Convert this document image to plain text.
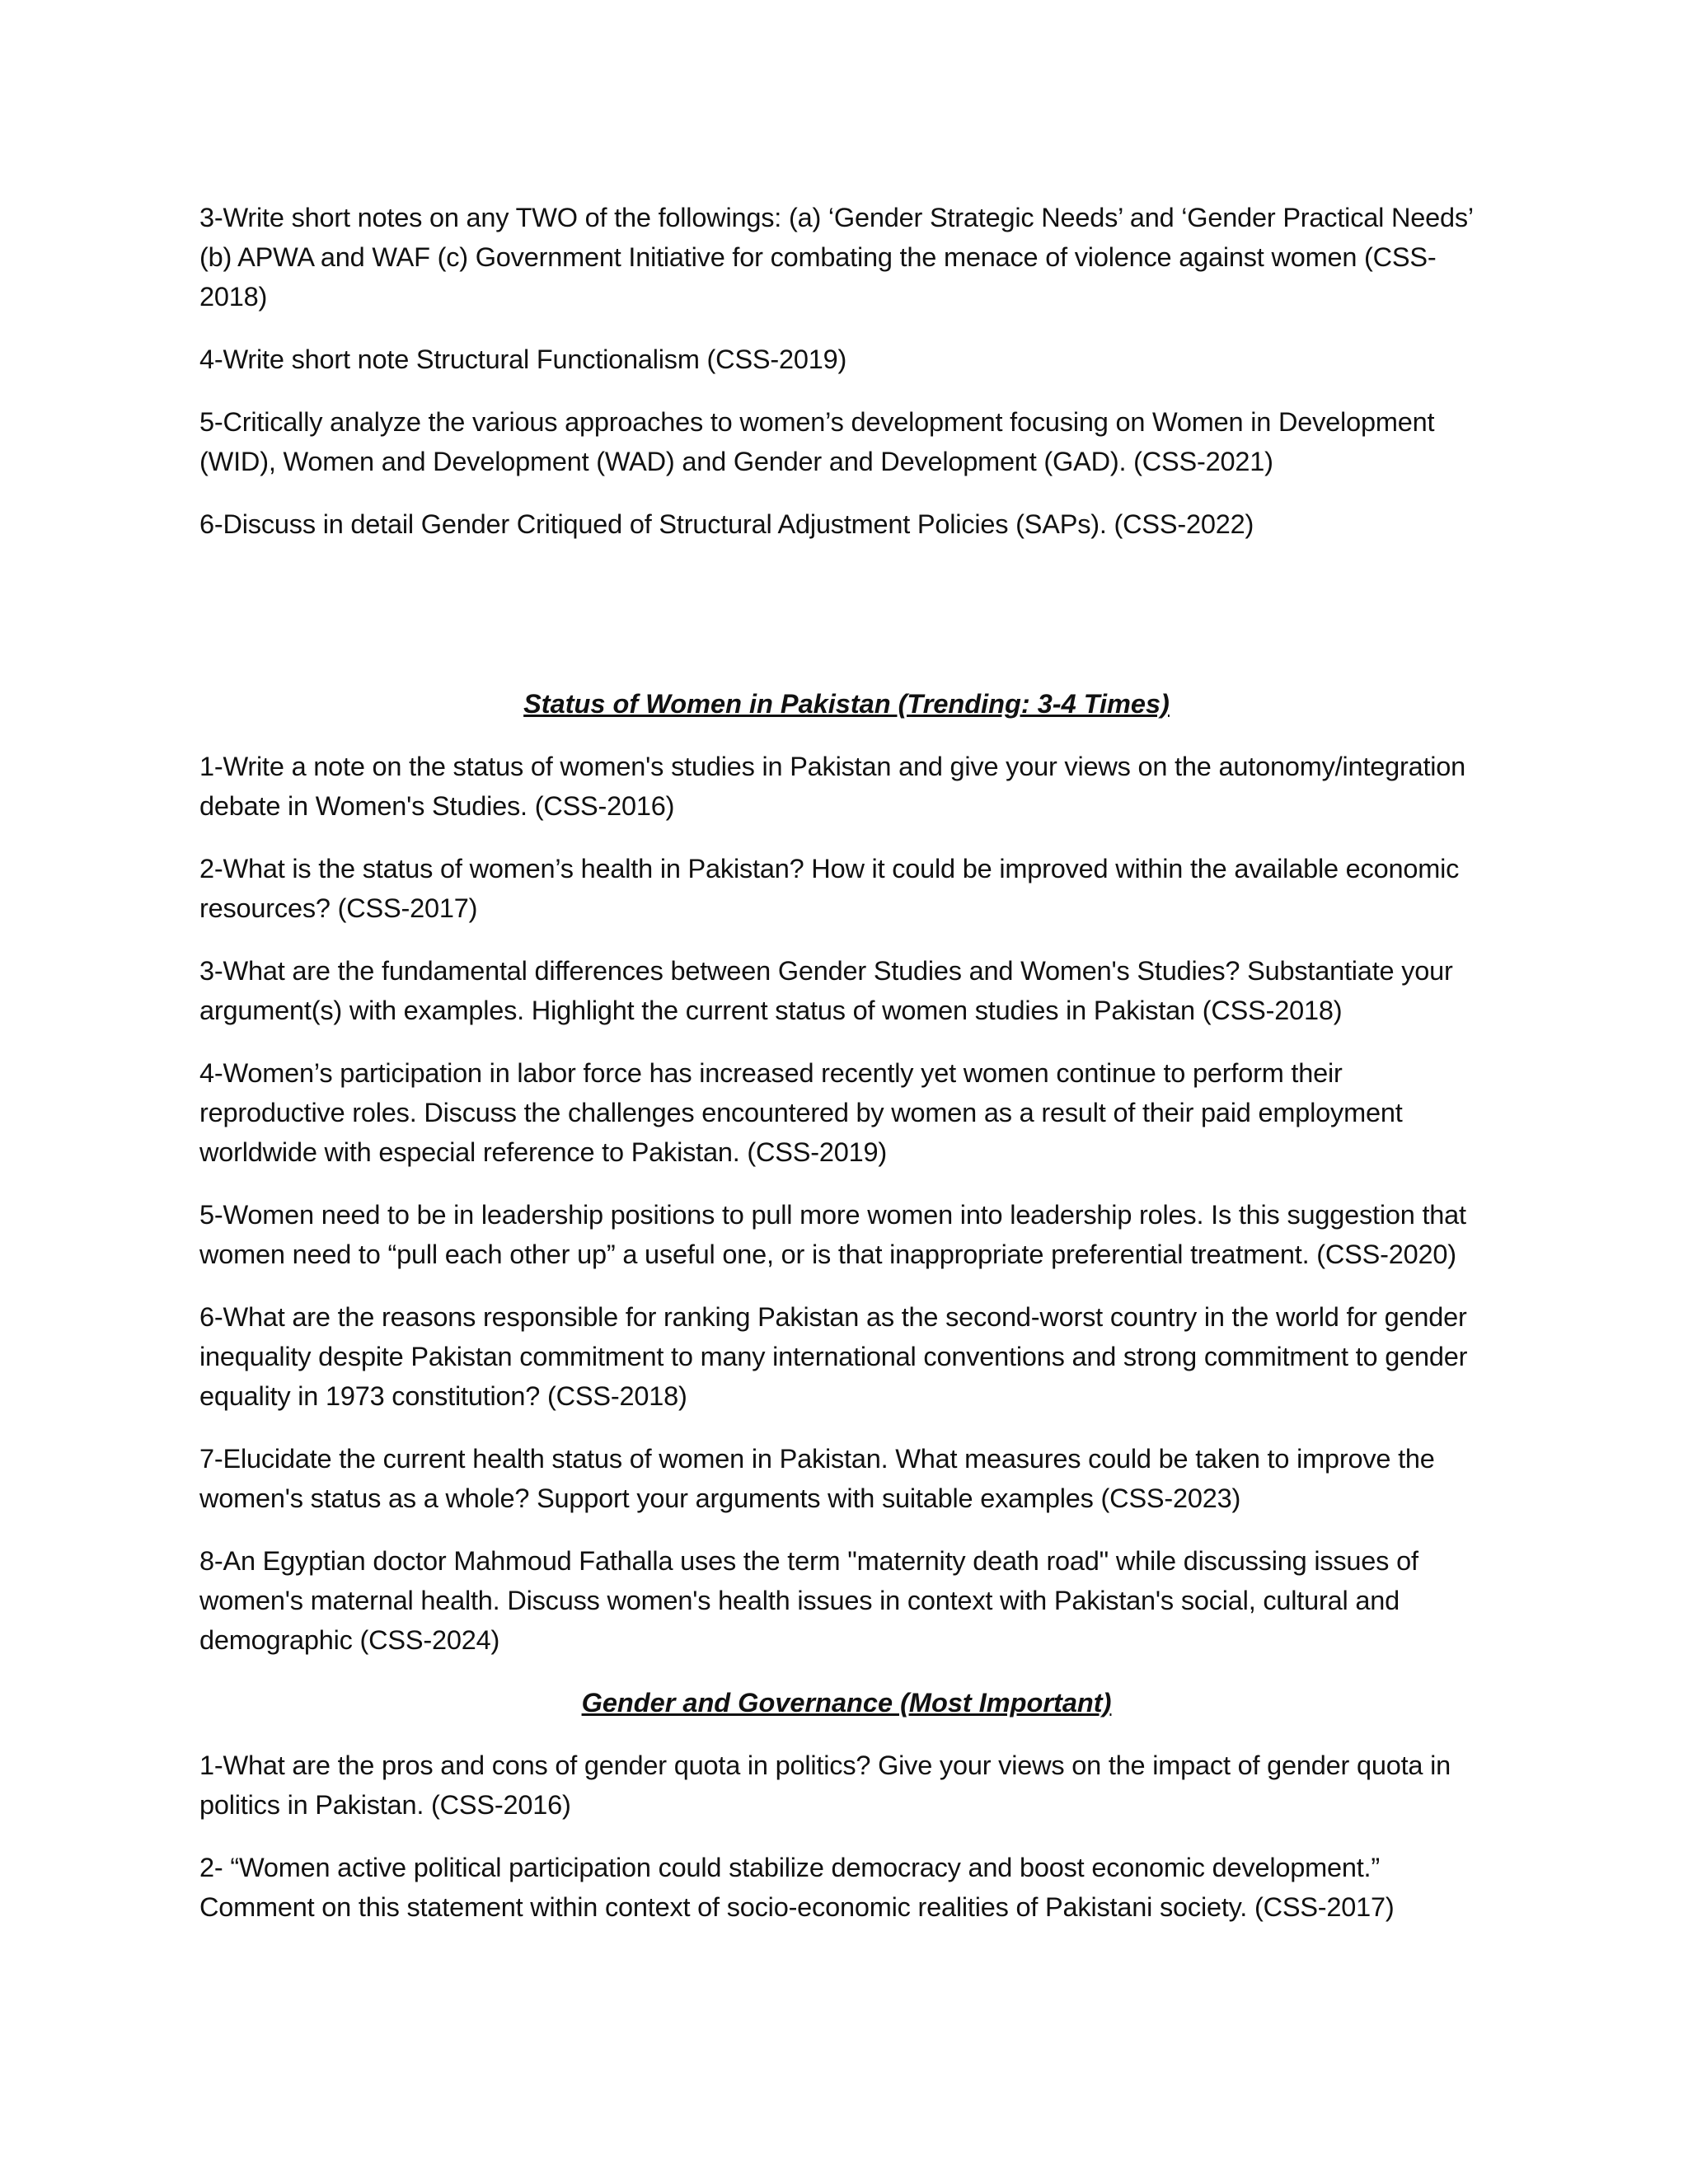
3-Write short notes on any TWO of the followings: (a) ‘Gender Strategic Needs’ and ‘Gender Practical Needs’ (b) APWA and WAF (c) Government Initiative for combating the menace of violence against women (CSS-2018)

4-Write short note Structural Functionalism (CSS-2019)

5-Critically analyze the various approaches to women’s development focusing on Women in Development (WID), Women and Development (WAD) and Gender and Development (GAD). (CSS-2021)

6-Discuss in detail Gender Critiqued of Structural Adjustment Policies (SAPs). (CSS-2022)

Status of Women in Pakistan (Trending: 3-4 Times)

1-Write a note on the status of women's studies in Pakistan and give your views on the autonomy/integration debate in Women's Studies. (CSS-2016)

2-What is the status of women’s health in Pakistan? How it could be improved within the available economic resources? (CSS-2017)

3-What are the fundamental differences between Gender Studies and Women's Studies? Substantiate your argument(s) with examples. Highlight the current status of women studies in Pakistan (CSS-2018)

4-Women’s participation in labor force has increased recently yet women continue to perform their reproductive roles. Discuss the challenges encountered by women as a result of their paid employment worldwide with especial reference to Pakistan. (CSS-2019)

5-Women need to be in leadership positions to pull more women into leadership roles. Is this suggestion that women need to “pull each other up” a useful one, or is that inappropriate preferential treatment. (CSS-2020)

6-What are the reasons responsible for ranking Pakistan as the second-worst country in the world for gender inequality despite Pakistan commitment to many international conventions and strong commitment to gender equality in 1973 constitution? (CSS-2018)

7-Elucidate the current health status of women in Pakistan. What measures could be taken to improve the women's status as a whole? Support your arguments with suitable examples (CSS-2023)

8-An Egyptian doctor Mahmoud Fathalla uses the term "maternity death road" while discussing issues of women's maternal health. Discuss women's health issues in context with Pakistan's social, cultural and demographic (CSS-2024)

Gender and Governance (Most Important)

1-What are the pros and cons of gender quota in politics? Give your views on the impact of gender quota in politics in Pakistan. (CSS-2016)

2- “Women active political participation could stabilize democracy and boost economic development.” Comment on this statement within context of socio-economic realities of Pakistani society. (CSS-2017)
